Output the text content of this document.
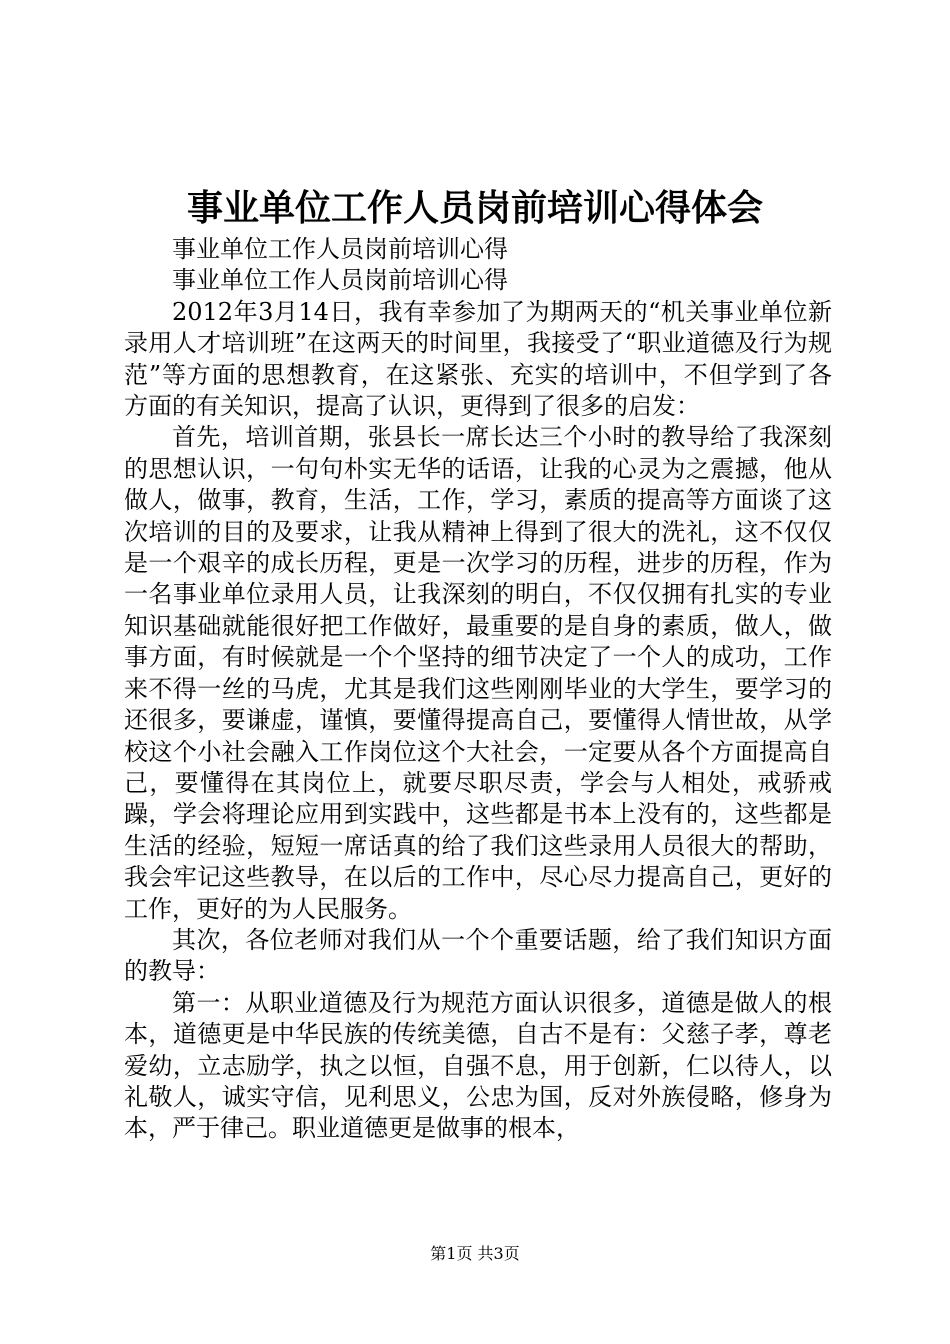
事业单位工作人员岗前培训心得体会

事业单位工作人员岗前培训心得

事业单位工作人员岗前培训心得

2012年3月14日，我有幸参加了为期两天的“机关事业单位新录用人才培训班”在这两天的时间里，我接受了“职业道德及行为规范”等方面的思想教育，在这紧张、充实的培训中，不但学到了各方面的有关知识，提高了认识，更得到了很多的启发：

首先，培训首期，张县长一席长达三个小时的教导给了我深刻的思想认识，一句句朴实无华的话语，让我的心灵为之震撼，他从做人，做事，教育，生活，工作，学习，素质的提高等方面谈了这次培训的目的及要求，让我从精神上得到了很大的洗礼，这不仅仅是一个艰辛的成长历程，更是一次学习的历程，进步的历程，作为一名事业单位录用人员，让我深刻的明白，不仅仅拥有扎实的专业知识基础就能很好把工作做好，最重要的是自身的素质，做人，做事方面，有时候就是一个个坚持的细节决定了一个人的成功，工作来不得一丝的马虎，尤其是我们这些刚刚毕业的大学生，要学习的还很多，要谦虚，谨慎，要懂得提高自己，要懂得人情世故，从学校这个小社会融入工作岗位这个大社会，一定要从各个方面提高自己，要懂得在其岗位上，就要尽职尽责，学会与人相处，戒骄戒躁，学会将理论应用到实践中，这些都是书本上没有的，这些都是生活的经验，短短一席话真的给了我们这些录用人员很大的帮助，我会牢记这些教导，在以后的工作中，尽心尽力提高自己，更好的工作，更好的为人民服务。

其次，各位老师对我们从一个个重要话题，给了我们知识方面的教导：

第一：从职业道德及行为规范方面认识很多，道德是做人的根本，道德更是中华民族的传统美德，自古不是有：父慈子孝，尊老爱幼，立志励学，执之以恒，自强不息，用于创新，仁以待人，以礼敬人，诚实守信，见利思义，公忠为国，反对外族侵略，修身为本，严于律己。职业道德更是做事的根本，

第1页 共3页
